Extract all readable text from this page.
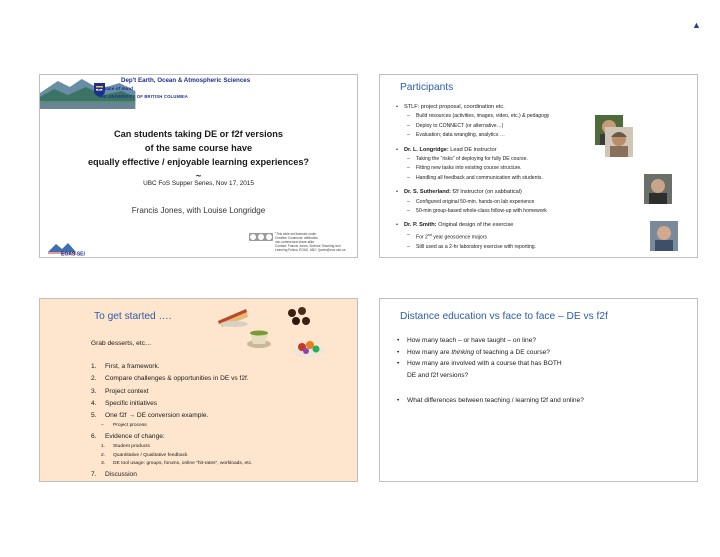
▲
Dep't Earth, Ocean & Atmospheric Sciences
a place of mind
THE UNIVERSITY OF BRITISH COLUMBIA
Can students taking DE or f2f versions
of the same course have
equally effective / enjoyable learning experiences?
~
UBC FoS Supper Series, Nov 17, 2015
Francis Jones, with Louise Longridge
EOAS-SEI
"This slide set licensed under
Creative Commons: attribution
non-commercial share-alike.
Contact: Francis Jones, Science Teaching and
Learning Fellow, EOAS, UBC; fjones@eos.ubc.ca
Participants
• STLF: project proposal, coordination etc.
– Build resources (activities, images, video, etc.) & pedagogy
– Deploy to CONNECT (or alternative…)
– Evaluation; data wrangling, analytics …
• Dr. L. Longridge: Lead DE instructor
– Taking the “risks” of deploying for fully DE course.
– Fitting new tasks into existing course structure.
– Handling all feedback and communication with students.
• Dr. S. Sutherland: f2f Instructor (on sabbatical)
– Configured original 50-min. hands-on lab experience
– 50-min group-based whole-class follow-up with homework
• Dr. P. Smith: Original design of the exercise
– For 2nd year geoscience majors
– Still used as a 2-hr laboratory exercise with reporting.
To get started ….
Grab desserts, etc…
1. First, a framework.
2. Compare challenges & opportunities in DE vs f2f.
3. Project context
4. Specific initiatives
5. One f2f → DE conversion example.
– Project process
6. Evidence of change:
1. Student products
2. Quantitative / Qualitative feedback
3. DE tool usage: groups, forums, online “hit-rates”, workloads, etc.
7. Discussion
Distance education vs face to face – DE vs f2f
• How many teach – or have taught – on line?
• How many are thinking of teaching a DE course?
• How many are involved with a course that has BOTH
DE and f2f versions?
• What differences between teaching / learning f2f and online?
